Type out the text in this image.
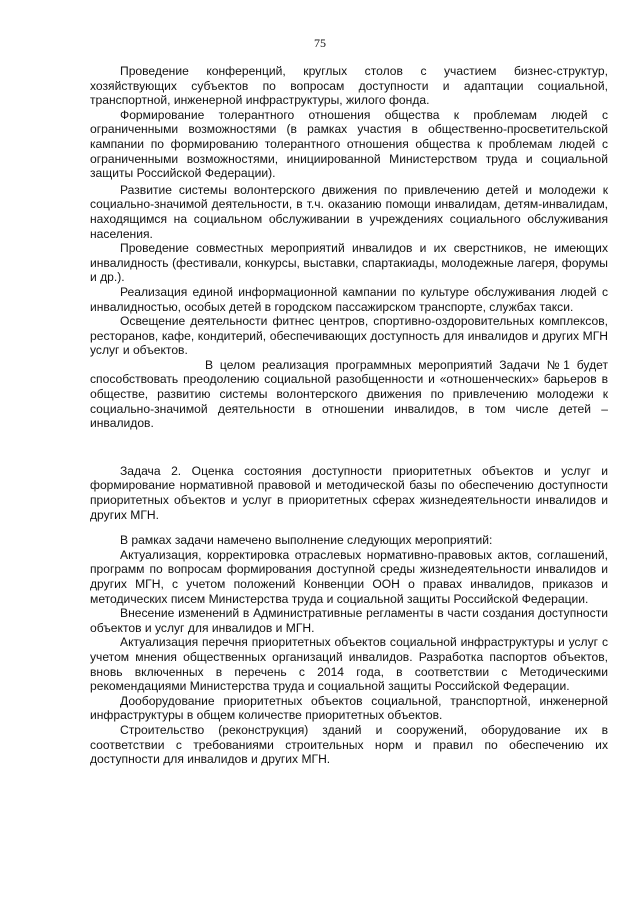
75

Проведение конференций, круглых столов с участием бизнес-структур, хозяйствующих субъектов по вопросам доступности и адаптации социальной, транспортной, инженерной инфраструктуры, жилого фонда.

Формирование толерантного отношения общества к проблемам людей с ограниченными возможностями (в рамках участия в общественно-просветительской кампании по формированию толерантного отношения общества к проблемам людей с ограниченными возможностями, инициированной Министерством труда и социальной защиты Российской Федерации).

Развитие системы волонтерского движения по привлечению детей и молодежи к социально-значимой деятельности, в т.ч. оказанию помощи инвалидам, детям-инвалидам, находящимся на социальном обслуживании в учреждениях социального обслуживания населения.

Проведение совместных мероприятий инвалидов и их сверстников, не имеющих инвалидность (фестивали, конкурсы, выставки, спартакиады, молодежные лагеря, форумы и др.).

Реализация единой информационной кампании по культуре обслуживания людей с инвалидностью, особых детей в городском пассажирском транспорте, службах такси.

Освещение деятельности фитнес центров, спортивно-оздоровительных комплексов, ресторанов, кафе, кондитерий, обеспечивающих доступность для инвалидов и других МГН услуг и объектов.

В целом реализация программных мероприятий Задачи №1 будет способствовать преодолению социальной разобщенности и «отношенческих» барьеров в обществе, развитию системы волонтерского движения по привлечению молодежи к социально-значимой деятельности в отношении инвалидов, в том числе детей – инвалидов.

Задача 2. Оценка состояния доступности приоритетных объектов и услуг и формирование нормативной правовой и методической базы по обеспечению доступности приоритетных объектов и услуг в приоритетных сферах жизнедеятельности инвалидов и других МГН.

В рамках задачи намечено выполнение следующих мероприятий:

Актуализация, корректировка отраслевых нормативно-правовых актов, соглашений, программ по вопросам формирования доступной среды жизнедеятельности инвалидов и других МГН, с учетом положений Конвенции ООН о правах инвалидов, приказов и методических писем Министерства труда и социальной защиты Российской Федерации.

Внесение изменений в Административные регламенты в части создания доступности объектов и услуг для инвалидов и МГН.

Актуализация перечня приоритетных объектов социальной инфраструктуры и услуг с учетом мнения общественных организаций инвалидов. Разработка паспортов объектов, вновь включенных в перечень с 2014 года, в соответствии с Методическими рекомендациями Министерства труда и социальной защиты Российской Федерации.

Дооборудование приоритетных объектов социальной, транспортной, инженерной инфраструктуры в общем количестве приоритетных объектов.

Строительство (реконструкция) зданий и сооружений, оборудование их в соответствии с требованиями строительных норм и правил по обеспечению их доступности для инвалидов и других МГН.
